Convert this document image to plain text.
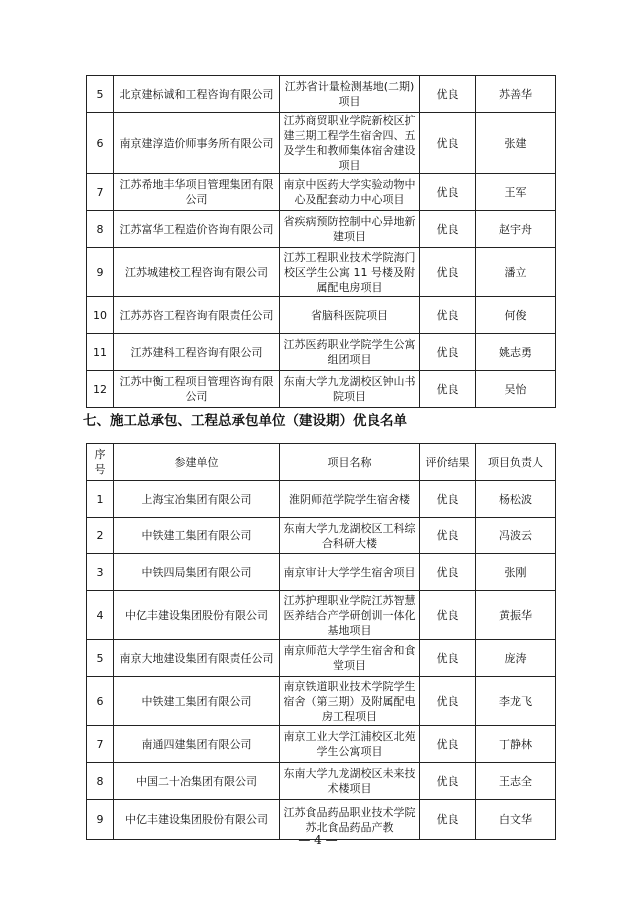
5	北京建标诚和工程咨询有限公司	江苏省计量检测基地(二期)项目	优良	苏善华
6	南京建淳造价师事务所有限公司	江苏商贸职业学院新校区扩建三期工程学生宿舍四、五及学生和教师集体宿舍建设项目	优良	张建
7	江苏希地丰华项目管理集团有限公司	南京中医药大学实验动物中心及配套动力中心项目	优良	王军
8	江苏富华工程造价咨询有限公司	省疾病预防控制中心异地新建项目	优良	赵宇舟
9	江苏城建校工程咨询有限公司	江苏工程职业技术学院海门校区学生公寓 11 号楼及附属配电房项目	优良	潘立
10	江苏苏咨工程咨询有限责任公司	省脑科医院项目	优良	何俊
11	江苏建科工程咨询有限公司	江苏医药职业学院学生公寓组团项目	优良	姚志勇
12	江苏中衡工程项目管理咨询有限公司	东南大学九龙湖校区钟山书院项目	优良	吴怡
七、施工总承包、工程总承包单位（建设期）优良名单
序号	参建单位	项目名称	评价结果	项目负责人
1	上海宝冶集团有限公司	淮阴师范学院学生宿舍楼	优良	杨松波
2	中铁建工集团有限公司	东南大学九龙湖校区工科综合科研大楼	优良	冯波云
3	中铁四局集团有限公司	南京审计大学学生宿舍项目	优良	张刚
4	中亿丰建设集团股份有限公司	江苏护理职业学院江苏智慧医养结合产学研创训一体化基地项目	优良	黄振华
5	南京大地建设集团有限责任公司	南京师范大学学生宿舍和食堂项目	优良	庞涛
6	中铁建工集团有限公司	南京铁道职业技术学院学生宿舍（第三期）及附属配电房工程项目	优良	李龙飞
7	南通四建集团有限公司	南京工业大学江浦校区北苑学生公寓项目	优良	丁静林
8	中国二十冶集团有限公司	东南大学九龙湖校区未来技术楼项目	优良	王志全
9	中亿丰建设集团股份有限公司	江苏食品药品职业技术学院苏北食品药品产教	优良	白文华
— 4 —
